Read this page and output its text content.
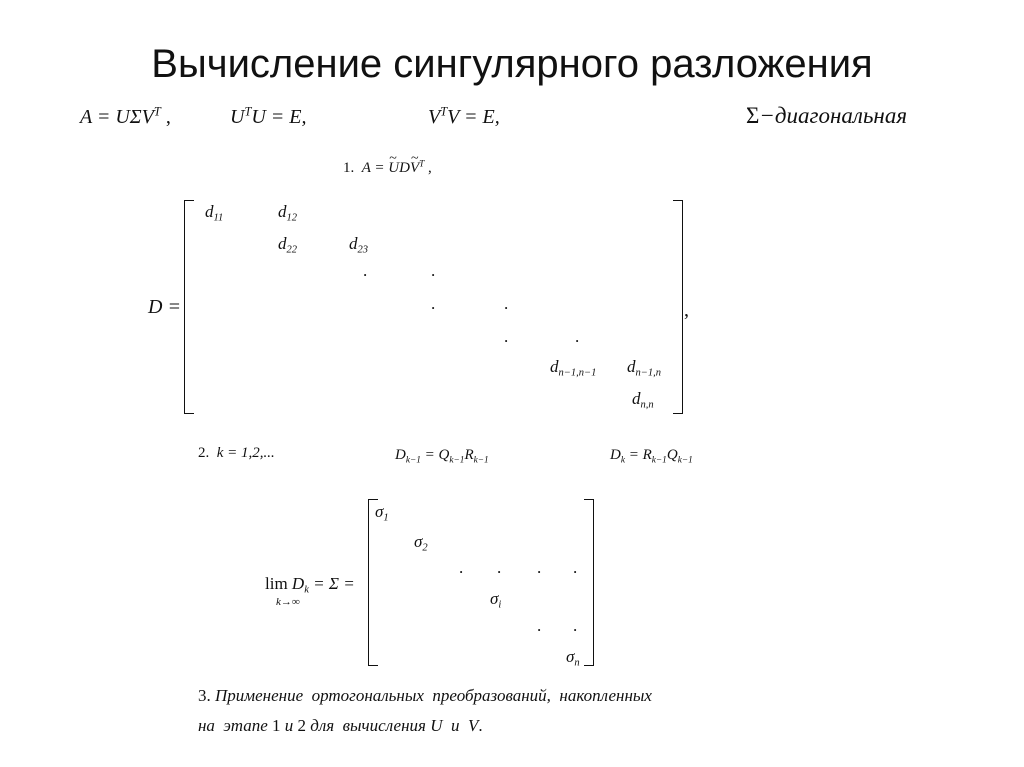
Вычисление сингулярного разложения
$A = U\Sigma V^T$ ,	$U^TU = E$,	$V^TV = E$,	Σ−диагональная
1. A = U ~DV ~$^T$ ,
D =	,
$d_{11}$	$d_{12}$
$d_{22}$	$d_{23}$
.	.
.	.
.	.
$d_{n-1,n-1}$ $d_{n-1,n}$
$d_{n,n}$
2. k = 1,2,...	$D_{k-1} = Q_{k-1}R_{k-1}$	$D_k = R_{k-1}Q_{k-1}$
$\lim D_k = \Sigma$ =
k→∞
$\sigma_1$
$\sigma_2$
. . . .
$\sigma_i$
. .
$\sigma_n$
3. Применение  ортогональных  преобразований,  накопленных
на  этапе 1 и 2 для  вычисления U  и  V.
